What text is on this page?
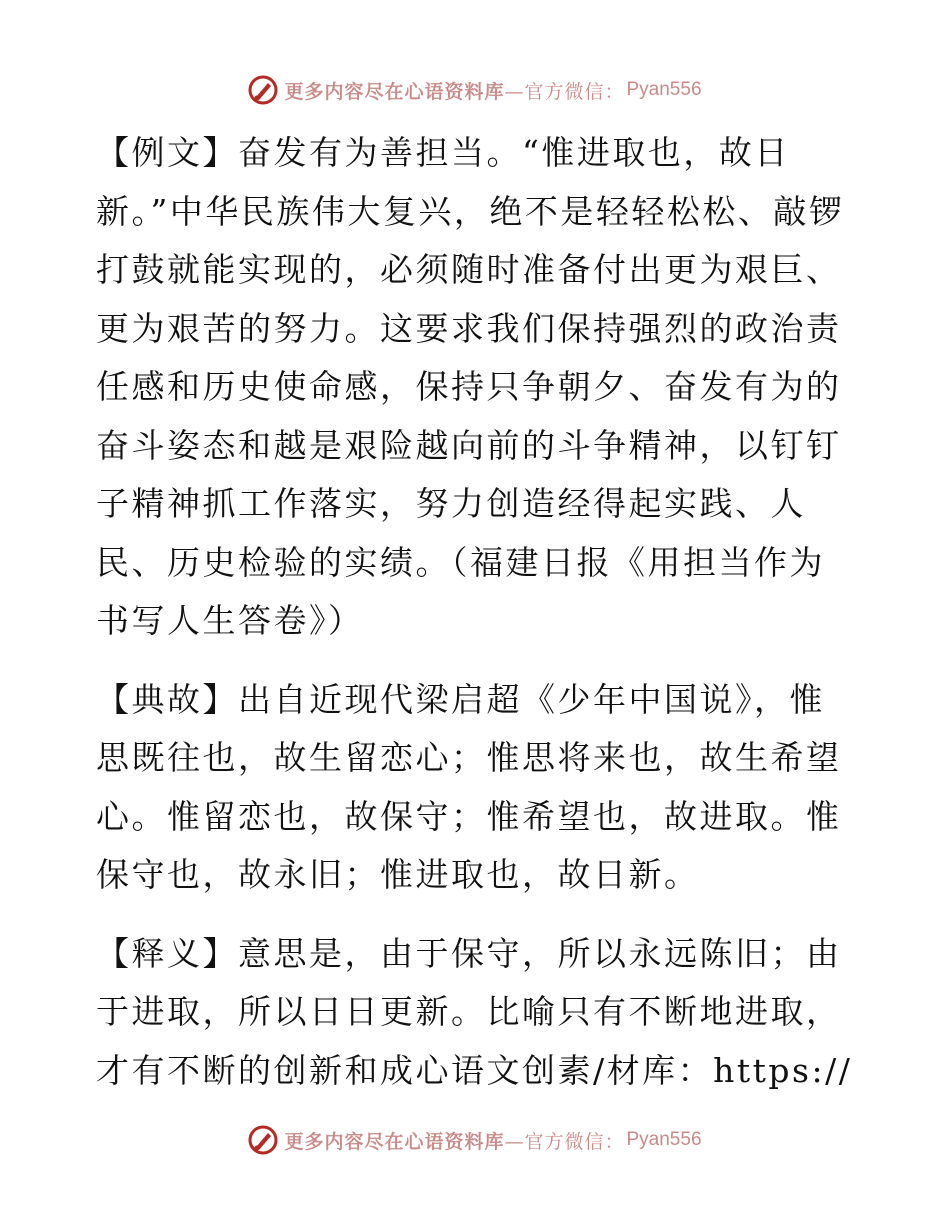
更多内容尽在心语资料库 —官方微信： Pyan556

【例文】奋发有为善担当。“惟进取也，故日新。”中华民族伟大复兴，绝不是轻轻松松、敲锣打鼓就能实现的，必须随时准备付出更为艰巨、更为艰苦的努力。这要求我们保持强烈的政治责任感和历史使命感，保持只争朝夕、奋发有为的奋斗姿态和越是艰险越向前的斗争精神，以钉钉子精神抓工作落实，努力创造经得起实践、人民、历史检验的实绩。（福建日报《用担当作为书写人生答卷》）

【典故】出自近现代梁启超《少年中国说》，惟思既往也，故生留恋心；惟思将来也，故生希望心。惟留恋也，故保守；惟希望也，故进取。惟保守也，故永旧；惟进取也，故日新。

【释义】意思是，由于保守，所以永远陈旧；由于进取，所以日日更新。比喻只有不断地进取，才有不断的创新和成心语文创素/材库：https://

更多内容尽在心语资料库 —官方微信： Pyan556
